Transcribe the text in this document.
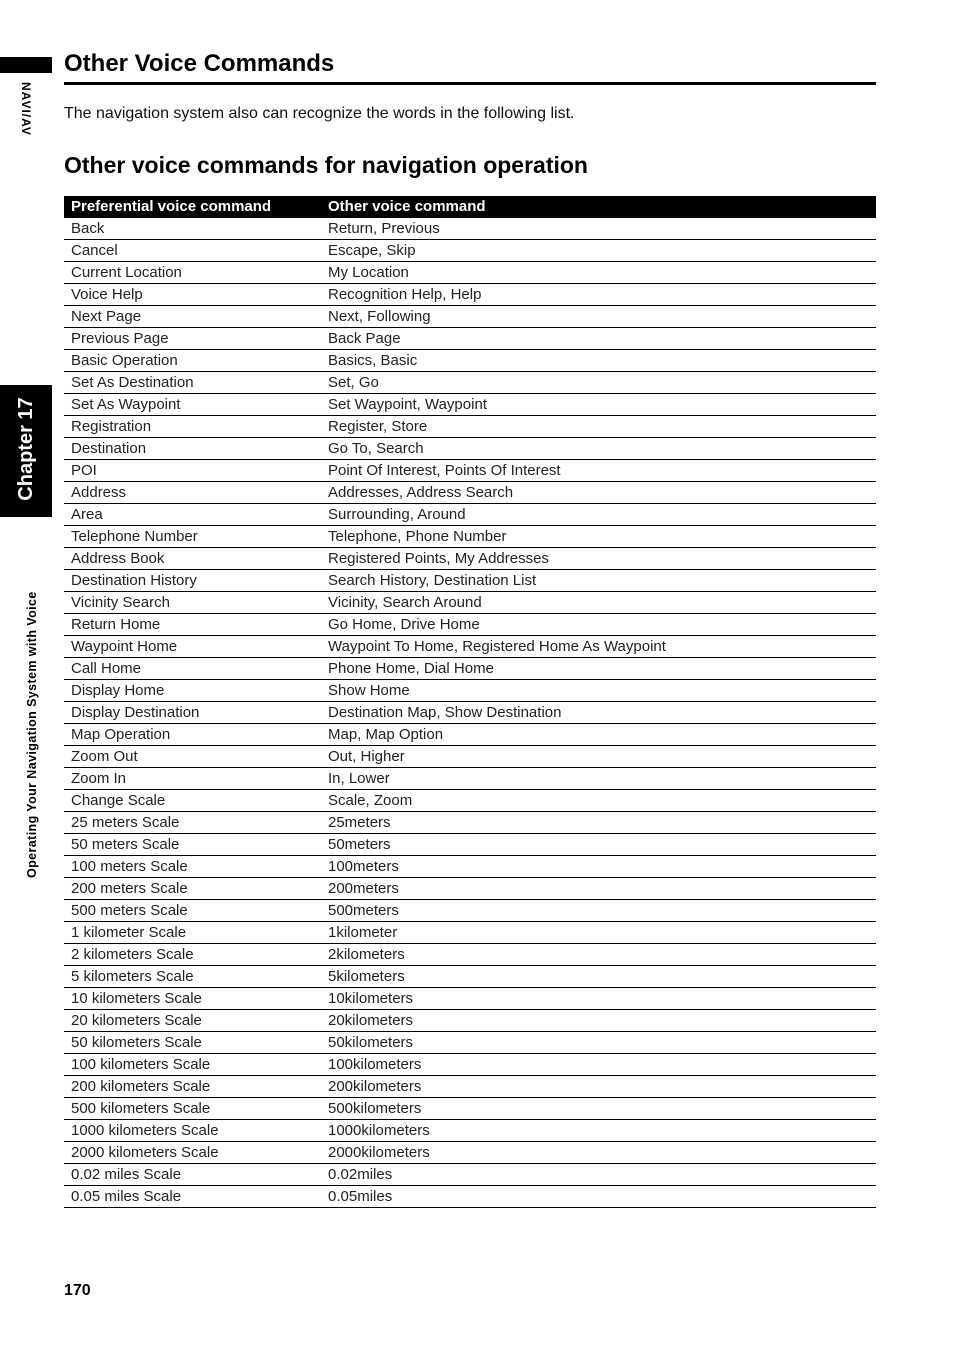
NAVI/AV
Chapter 17
Operating Your Navigation System with Voice
Other Voice Commands

The navigation system also can recognize the words in the following list.

Other voice commands for navigation operation
Preferential voice command	Other voice command
Back	Return, Previous
Cancel	Escape, Skip
Current Location	My Location
Voice Help	Recognition Help, Help
Next Page	Next, Following
Previous Page	Back Page
Basic Operation	Basics, Basic
Set As Destination	Set, Go
Set As Waypoint	Set Waypoint, Waypoint
Registration	Register, Store
Destination	Go To, Search
POI	Point Of Interest, Points Of Interest
Address	Addresses, Address Search
Area	Surrounding, Around
Telephone Number	Telephone, Phone Number
Address Book	Registered Points, My Addresses
Destination History	Search History, Destination List
Vicinity Search	Vicinity, Search Around
Return Home	Go Home, Drive Home
Waypoint Home	Waypoint To Home, Registered Home As Waypoint
Call Home	Phone Home, Dial Home
Display Home	Show Home
Display Destination	Destination Map, Show Destination
Map Operation	Map, Map Option
Zoom Out	Out, Higher
Zoom In	In, Lower
Change Scale	Scale, Zoom
25 meters Scale	25meters
50 meters Scale	50meters
100 meters Scale	100meters
200 meters Scale	200meters
500 meters Scale	500meters
1 kilometer Scale	1kilometer
2 kilometers Scale	2kilometers
5 kilometers Scale	5kilometers
10 kilometers Scale	10kilometers
20 kilometers Scale	20kilometers
50 kilometers Scale	50kilometers
100 kilometers Scale	100kilometers
200 kilometers Scale	200kilometers
500 kilometers Scale	500kilometers
1000 kilometers Scale	1000kilometers
2000 kilometers Scale	2000kilometers
0.02 miles Scale	0.02miles
0.05 miles Scale	0.05miles
170
